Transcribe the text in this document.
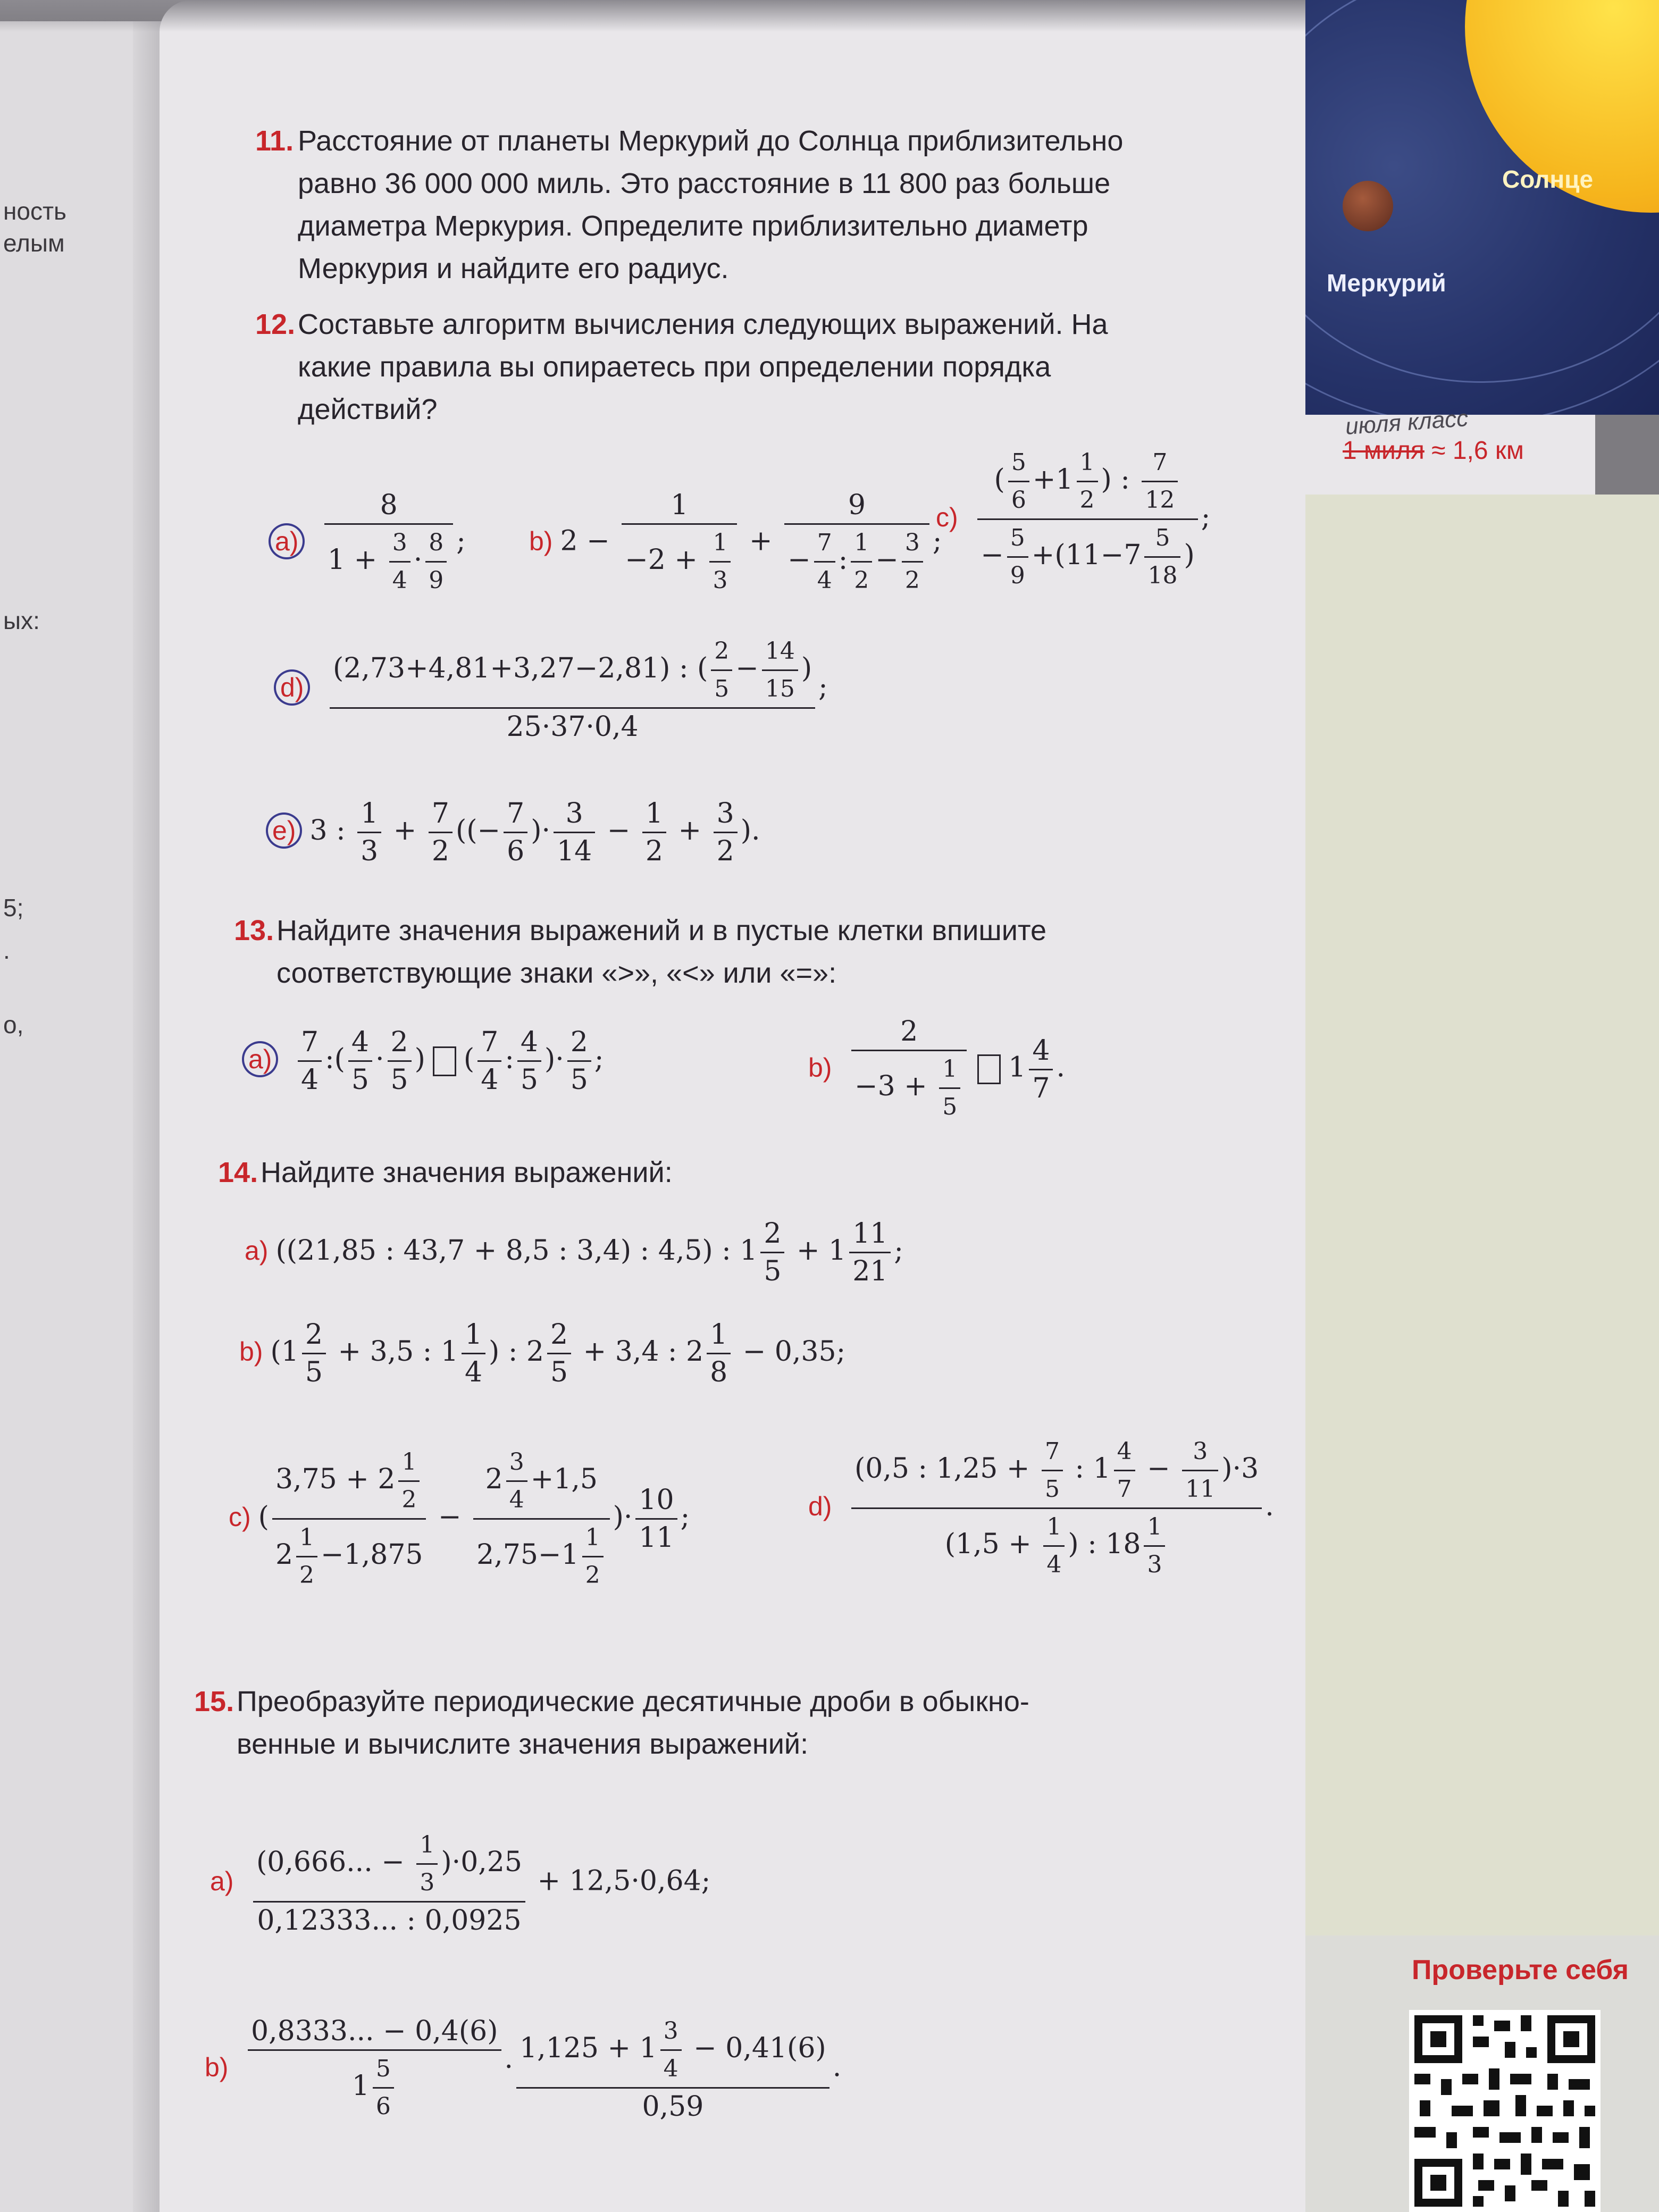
ность
елым
ых:
5;
.
о,
Солнце
Меркурий
июля класс
1 миля ≈ 1,6 км
Проверьте себя
11. Расстояние от планеты Меркурий до Солнца приблизительно
равно 36 000 000 миль. Это расстояние в 11 800 раз больше
диаметра Меркурия. Определите приблизительно диаметр
Меркурия и найдите его радиус.
12. Составьте алгоритм вычисления следующих выражений. На
какие правила вы опираетесь при определении порядка
действий?
$a) \frac{8}{1 + \frac{3}{4} \cdot \frac{8}{9}}$ ; b) $2 - \frac{1}{-2 + \frac{1}{3}} + \frac{9}{- \frac{7}{4} : \frac{1}{2} - \frac{3}{2}}$ ;
$c) \frac{( \frac{5}{6} +1 \frac{1}{2} ) : \frac{7}{12}}{- \frac{5}{9} +(11-7 \frac{5}{18} )}$ ;
$d) \frac{(2,73+4,81+3,27-2,81) : ( \frac{2}{5} - \frac{14}{15} )}{25\cdot 37\cdot 0,4}$ ;
e) 3 : $\frac{1}{3} + \frac{7}{2}$ ((− $\frac{7}{6}$ )· $\frac{3}{14} - \frac{1}{2} + \frac{3}{2}$ ).
13. Найдите значения выражений и в пустые клетки впишите
соответствующие знаки «>», «<» или «=»:
$a) \frac{7}{4}$ :( $\frac{4}{5} \cdot \frac{2}{5}$ ) ( $\frac{7}{4}$ : $\frac{4}{5}$ )· $\frac{2}{5}$ ;	$b) \frac{2}{-3 + \frac{1}{5}} 1 \frac{4}{7}$ .
14. Найдите значения выражений:
a) ((21,85 : 43,7 + 8,5 : 3,4) : 4,5) : $1 \frac{2}{5} + 1 \frac{11}{21}$ ;
b) ($1 \frac{2}{5} + 3,5$ : $1 \frac{1}{4}$ ) : $2 \frac{2}{5} + 3,4$ : $2 \frac{1}{8} - 0,35$;
c) ( $\frac{3,75 + 2 \frac{1}{2}}{2 \frac{1}{2} -1,875} - \frac{2 \frac{3}{4} +1,5}{2,75-1 \frac{1}{2}}$ )· $\frac{10}{11}$ ;	$d) \frac{(0,5 : 1,25 + \frac{7}{5} : 1 \frac{4}{7} - \frac{3}{11} )\cdot 3}{(1,5 + \frac{1}{4} ) : 18 \frac{1}{3}}$ .
15. Преобразуйте периодические десятичные дроби в обыкно-
венные и вычислите значения выражений:
$a) \frac{(0,666... - \frac{1}{3} )\cdot 0,25}{0,12333... : 0,0925} + 12,5\cdot 0,64$;
$b) \frac{0,8333... - 0,4(6)}{1 \frac{5}{6}} \cdot \frac{1,125 + 1 \frac{3}{4} - 0,41(6)}{0,59}$ .
